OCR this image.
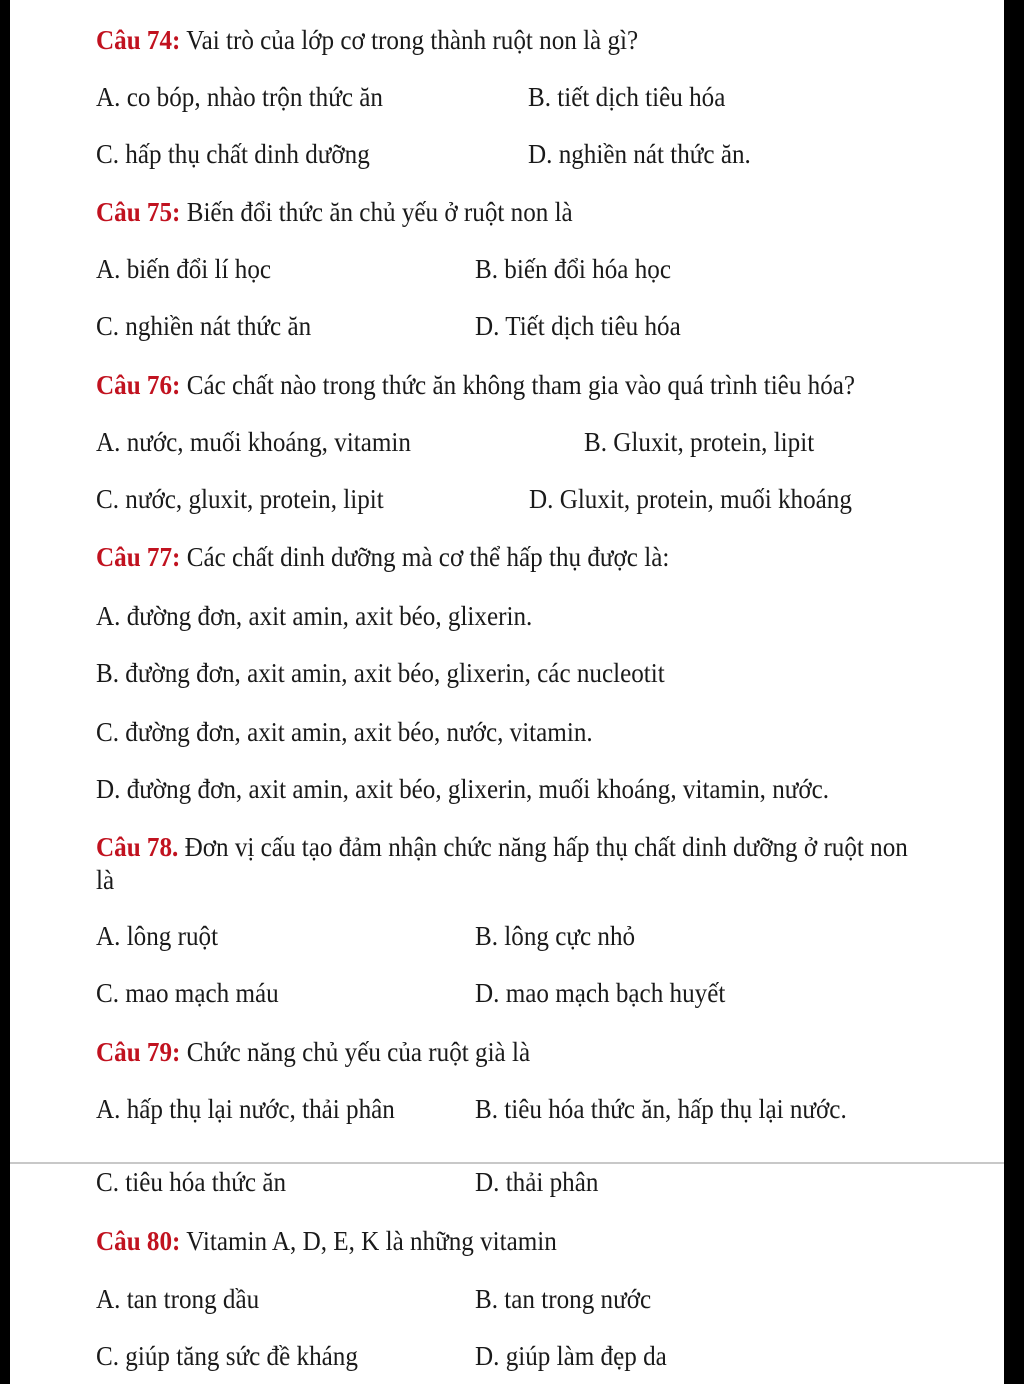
Câu 74: Vai trò của lớp cơ trong thành ruột non là gì?
A. co bóp, nhào trộn thức ăn	B. tiết dịch tiêu hóa
C. hấp thụ chất dinh dưỡng	D. nghiền nát thức ăn.
Câu 75: Biến đổi thức ăn chủ yếu ở ruột non là
A. biến đổi lí học	B. biến đổi hóa học
C. nghiền nát thức ăn	D. Tiết dịch tiêu hóa
Câu 76: Các chất nào trong thức ăn không tham gia vào quá trình tiêu hóa?
A. nước, muối khoáng, vitamin	B. Gluxit, protein, lipit
C. nước, gluxit, protein, lipit	D. Gluxit, protein, muối khoáng
Câu 77: Các chất dinh dưỡng mà cơ thể hấp thụ được là:
A. đường đơn, axit amin, axit béo, glixerin.
B. đường đơn, axit amin, axit béo, glixerin, các nucleotit
C. đường đơn, axit amin, axit béo, nước, vitamin.
D. đường đơn, axit amin, axit béo, glixerin, muối khoáng, vitamin, nước.
Câu 78. Đơn vị cấu tạo đảm nhận chức năng hấp thụ chất dinh dưỡng ở ruột non
là
A. lông ruột	B. lông cực nhỏ
C. mao mạch máu	D. mao mạch bạch huyết
Câu 79: Chức năng chủ yếu của ruột già là
A. hấp thụ lại nước, thải phân	B. tiêu hóa thức ăn, hấp thụ lại nước.
C. tiêu hóa thức ăn	D. thải phân
Câu 80: Vitamin A, D, E, K là những vitamin
A. tan trong dầu	B. tan trong nước
C. giúp tăng sức đề kháng	D. giúp làm đẹp da
